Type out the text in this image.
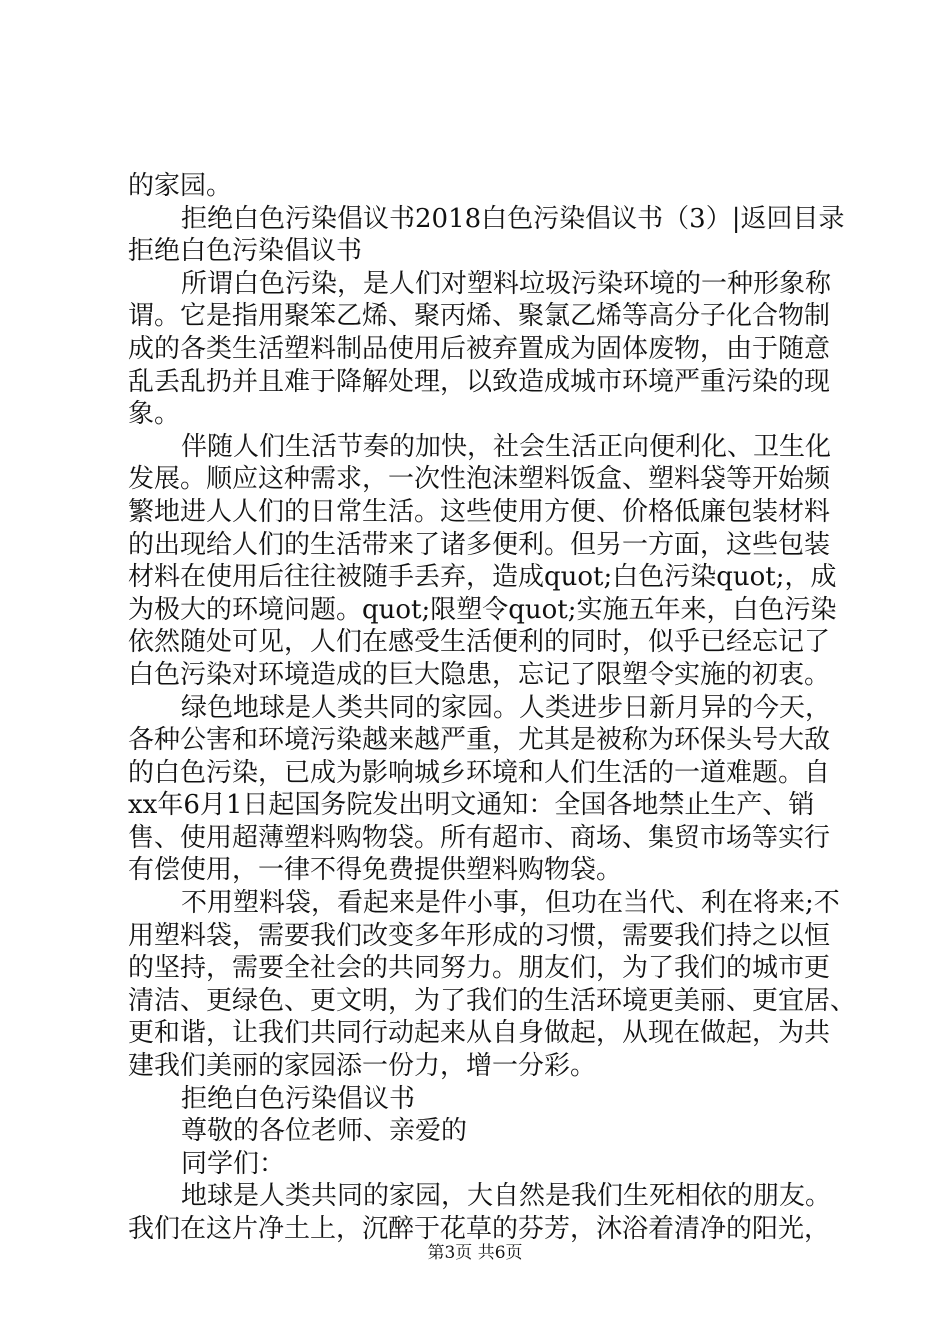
的家园。
拒绝白色污染倡议书2018白色污染倡议书（3）|返回目录
拒绝白色污染倡议书
所谓白色污染，是人们对塑料垃圾污染环境的一种形象称
谓。它是指用聚笨乙烯、聚丙烯、聚氯乙烯等高分子化合物制
成的各类生活塑料制品使用后被弃置成为固体废物，由于随意
乱丢乱扔并且难于降解处理，以致造成城市环境严重污染的现
象。
伴随人们生活节奏的加快，社会生活正向便利化、卫生化
发展。顺应这种需求，一次性泡沫塑料饭盒、塑料袋等开始频
繁地进人人们的日常生活。这些使用方便、价格低廉包装材料
的出现给人们的生活带来了诸多便利。但另一方面，这些包装
材料在使用后往往被随手丢弃，造成quot;白色污染quot;，成
为极大的环境问题。quot;限塑令quot;实施五年来，白色污染
依然随处可见，人们在感受生活便利的同时，似乎已经忘记了
白色污染对环境造成的巨大隐患，忘记了限塑令实施的初衷。
绿色地球是人类共同的家园。人类进步日新月异的今天，
各种公害和环境污染越来越严重，尤其是被称为环保头号大敌
的白色污染，已成为影响城乡环境和人们生活的一道难题。自
xx年6月1日起国务院发出明文通知：全国各地禁止生产、销
售、使用超薄塑料购物袋。所有超市、商场、集贸市场等实行
有偿使用，一律不得免费提供塑料购物袋。
不用塑料袋，看起来是件小事，但功在当代、利在将来;不
用塑料袋，需要我们改变多年形成的习惯，需要我们持之以恒
的坚持，需要全社会的共同努力。朋友们，为了我们的城市更
清洁、更绿色、更文明，为了我们的生活环境更美丽、更宜居、
更和谐，让我们共同行动起来从自身做起，从现在做起，为共
建我们美丽的家园添一份力，增一分彩。
拒绝白色污染倡议书
尊敬的各位老师、亲爱的
同学们：
地球是人类共同的家园，大自然是我们生死相依的朋友。
我们在这片净土上，沉醉于花草的芬芳，沐浴着清净的阳光，
第3页 共6页
